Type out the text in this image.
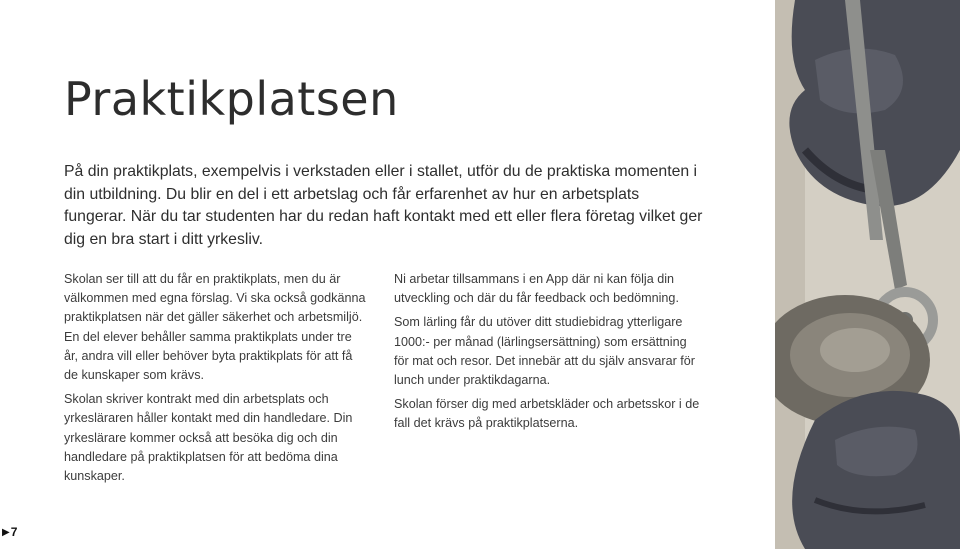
Praktikplatsen

På din praktikplats, exempelvis i verkstaden eller i stallet, utför du de praktiska momenten i din utbildning. Du blir en del i ett arbetslag och får erfarenhet av hur en arbetsplats fungerar. När du tar studenten har du redan haft kontakt med ett eller flera företag vilket ger dig en bra start i ditt yrkesliv.

Skolan ser till att du får en praktikplats, men du är välkommen med egna förslag. Vi ska också godkänna praktikplatsen när det gäller säkerhet och arbetsmiljö. En del elever behåller samma praktikplats under tre år, andra vill eller behöver byta praktikplats för att få de kunskaper som krävs.

Skolan skriver kontrakt med din arbetsplats och yrkesläraren håller kontakt med din handledare. Din yrkeslärare kommer också att besöka dig och din handledare på praktikplatsen för att bedöma dina kunskaper.

Ni arbetar tillsammans i en App där ni kan följa din utveckling och där du får feedback och bedömning.

Som lärling får du utöver ditt studiebidrag ytterligare 1000:- per månad (lärlingsersättning) som ersättning för mat och resor. Det innebär att du själv ansvarar för lunch under praktikdagarna.

Skolan förser dig med arbetskläder och arbetsskor i de fall det krävs på praktikplatserna.

▶ 7
